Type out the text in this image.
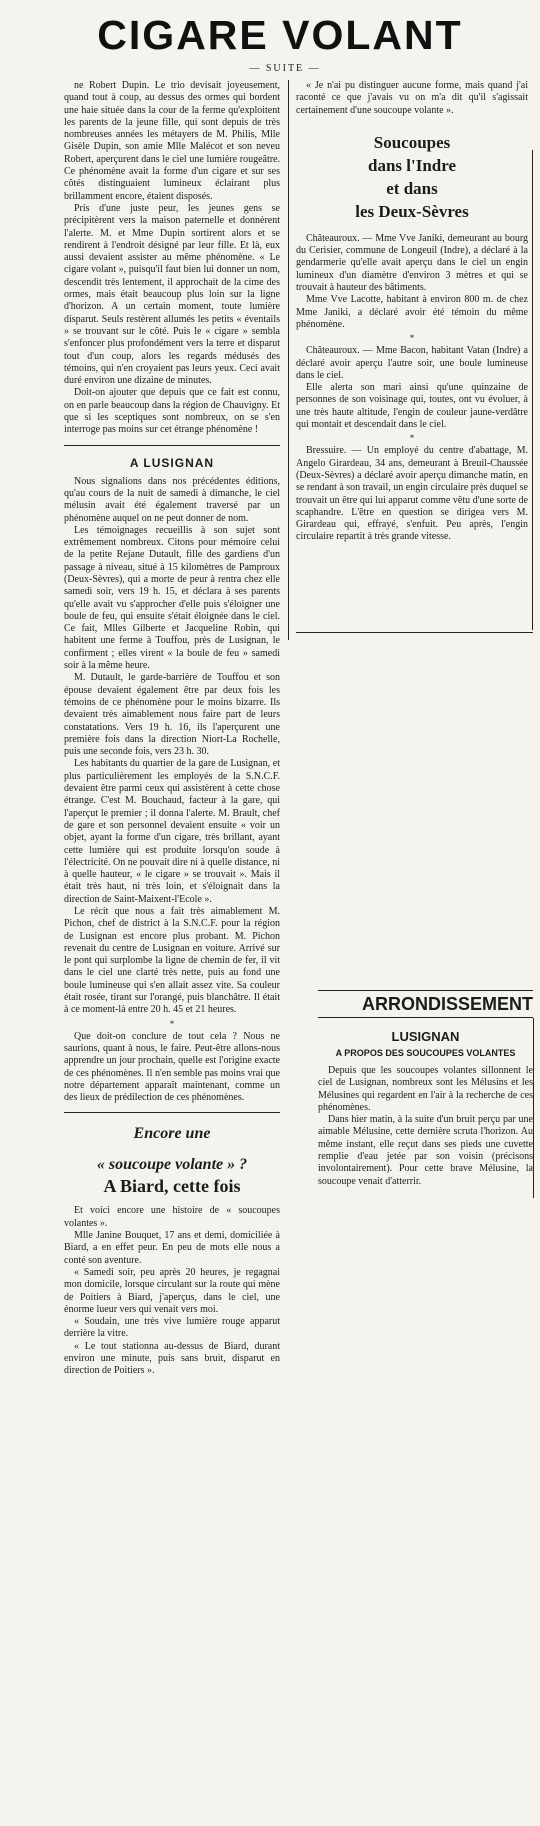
CIGARE VOLANT
— SUITE —

ne Robert Dupin. Le trio devisait joyeusement, quand tout à coup, au dessus des ormes qui bordent une haie située dans la cour de la ferme qu'exploitent les parents de la jeune fille, qui sont depuis de très nombreuses années les métayers de M. Philis, Mlle Gisèle Dupin, son amie Mlle Malécot et son neveu Robert, aperçurent dans le ciel une lumière rougeâtre. Ce phénomène avait la forme d'un cigare et sur ses côtés distinguaient lumineux éclairant plus brillamment encore, étaient disposés.

Pris d'une juste peur, les jeunes gens se précipitèrent vers la maison paternelle et donnèrent l'alerte. M. et Mme Dupin sortirent alors et se rendirent à l'endroit désigné par leur fille. Et là, eux aussi devaient assister au même phénomène. « Le cigare volant », puisqu'il faut bien lui donner un nom, descendit très lentement, il approchait de la cime des ormes, mais était beaucoup plus loin sur la ligne d'horizon. A un certain moment, toute lumière disparut. Seuls restèrent allumés les petits « éventails » se trouvant sur le côté. Puis le « cigare » sembla s'enfoncer plus profondément vers la terre et disparut tout d'un coup, alors les regards médusés des témoins, qui n'en croyaient pas leurs yeux. Ceci avait duré environ une dizaine de minutes.

Doit-on ajouter que depuis que ce fait est connu, on en parle beaucoup dans la région de Chauvigny. Et que si les sceptiques sont nombreux, on se s'en interroge pas moins sur cet étrange phénomène !

A LUSIGNAN

Nous signalions dans nos précédentes éditions, qu'au cours de la nuit de samedi à dimanche, le ciel mélusin avait été également traversé par un phénomène auquel on ne peut donner de nom.

Les témoignages recueillis à son sujet sont extrêmement nombreux. Citons pour mémoire celui de la petite Rejane Dutault, fille des gardiens d'un passage à niveau, situé à 15 kilomètres de Pamproux (Deux-Sèvres), qui a morte de peur à rentra chez elle samedi soir, vers 19 h. 15, et déclara à ses parents qu'elle avait vu s'approcher d'elle puis s'éloigner une boule de feu, qui ensuite s'était éloignée dans le ciel. Ce fait, Mlles Gilberte et Jacqueline Robin, qui habitent une ferme à Touffou, près de Lusignan, le confirment ; elles virent « la boule de feu » samedi soir à la même heure.

M. Dutault, le garde-barrière de Touffou et son épouse devaient également être par deux fois les témoins de ce phénomène pour le moins bizarre. Ils devaient très aimablement nous faire part de leurs constatations. Vers 19 h. 16, ils l'aperçurent une première fois dans la direction Niort-La Rochelle, puis une seconde fois, vers 23 h. 30.

Les habitants du quartier de la gare de Lusignan, et plus particulièrement les employés de la S.N.C.F. devaient être parmi ceux qui assistèrent à cette chose étrange. C'est M. Bouchaud, facteur à la gare, qui l'aperçut le premier ; il donna l'alerte. M. Brault, chef de gare et son personnel devaient ensuite « voir un objet, ayant la forme d'un cigare, très brillant, ayant cette lumière qui est produite lorsqu'on soude à l'électricité. On ne pouvait dire ni à quelle distance, ni à quelle hauteur, « le cigare » se trouvait ». Mais il était très haut, ni très loin, et s'éloignait dans la direction de Saint-Maixent-l'Ecole ».

Le récit que nous a fait très aimablement M. Pichon, chef de district à la S.N.C.F. pour la région de Lusignan est encore plus probant. M. Pichon revenait du centre de Lusignan en voiture. Arrivé sur le pont qui surplombe la ligne de chemin de fer, il vit dans le ciel une clarté très nette, puis au fond une boule lumineuse qui s'en allait assez vite. Sa couleur était rosée, tirant sur l'orangé, puis blanchâtre. Il était à ce moment-là entre 20 h. 45 et 21 heures.

*

Que doit-on conclure de tout cela ? Nous ne saurions, quant à nous, le faire. Peut-être allons-nous apprendre un jour prochain, quelle est l'origine exacte de ces phénomènes. Il n'en semble pas moins vrai que notre département apparaît maintenant, comme un des lieux de prédilection de ces phénomènes.

Encore une
« soucoupe volante » ?
A Biard, cette fois

Et voici encore une histoire de « soucoupes volantes ».

Mlle Janine Bouquet, 17 ans et demi, domiciliée à Biard, a en effet peur. En peu de mots elle nous a conté son aventure.

« Samedi soir, peu après 20 heures, je regagnai mon domicile, lorsque circulant sur la route qui mène de Poitiers à Biard, j'aperçus, dans le ciel, une énorme lueur vers qui venait vers moi.

« Soudain, une très vive lumière rouge apparut derrière la vitre.

« Le tout stationna au-dessus de Biard, durant environ une minute, puis sans bruit, disparut en direction de Poitiers ».

« Je n'ai pu distinguer aucune forme, mais quand j'ai raconté ce que j'avais vu on m'a dit qu'il s'agissait certainement d'une soucoupe volante ».

Soucoupes
dans l'Indre
et dans
les Deux-Sèvres

Châteauroux. — Mme Vve Janiki, demeurant au bourg du Cerisier, commune de Longeuil (Indre), a déclaré à la gendarmerie qu'elle avait aperçu dans le ciel un engin lumineux d'un diamètre d'environ 3 mètres et qui se trouvait à hauteur des bâtiments.

Mme Vve Lacotte, habitant à environ 800 m. de chez Mme Janiki, a déclaré avoir été témoin du même phénomène.

*

Châteauroux. — Mme Bacon, habitant Vatan (Indre) a déclaré avoir aperçu l'autre soir, une boule lumineuse dans le ciel.

Elle alerta son mari ainsi qu'une quinzaine de personnes de son voisinage qui, toutes, ont vu évoluer, à une très haute altitude, l'engin de couleur jaune-verdâtre qui montait et descendait dans le ciel.

*

Bressuire. — Un employé du centre d'abattage, M. Angelo Girardeau, 34 ans, demeurant à Breuil-Chaussée (Deux-Sèvres) a déclaré avoir aperçu dimanche matin, en se rendant à son travail, un engin circulaire près duquel se trouvait un être qui lui apparut comme vêtu d'une sorte de scaphandre. L'être en question se dirigea vers M. Girardeau qui, effrayé, s'enfuit. Peu après, l'engin circulaire repartit à très grande vitesse.

ARRONDISSEMENT
LUSIGNAN
A PROPOS DES SOUCOUPES VOLANTES

Depuis que les soucoupes volantes sillonnent le ciel de Lusignan, nombreux sont les Mélusins et les Mélusines qui regardent en l'air à la recherche de ces phénomènes.

Dans hier matin, à la suite d'un bruit perçu par une aimable Mélusine, cette dernière scruta l'horizon. Au même instant, elle reçut dans ses pieds une cuvette remplie d'eau jetée par son voisin (précisons involontairement). Pour cette brave Mélusine, la soucoupe venait d'atterrir.
